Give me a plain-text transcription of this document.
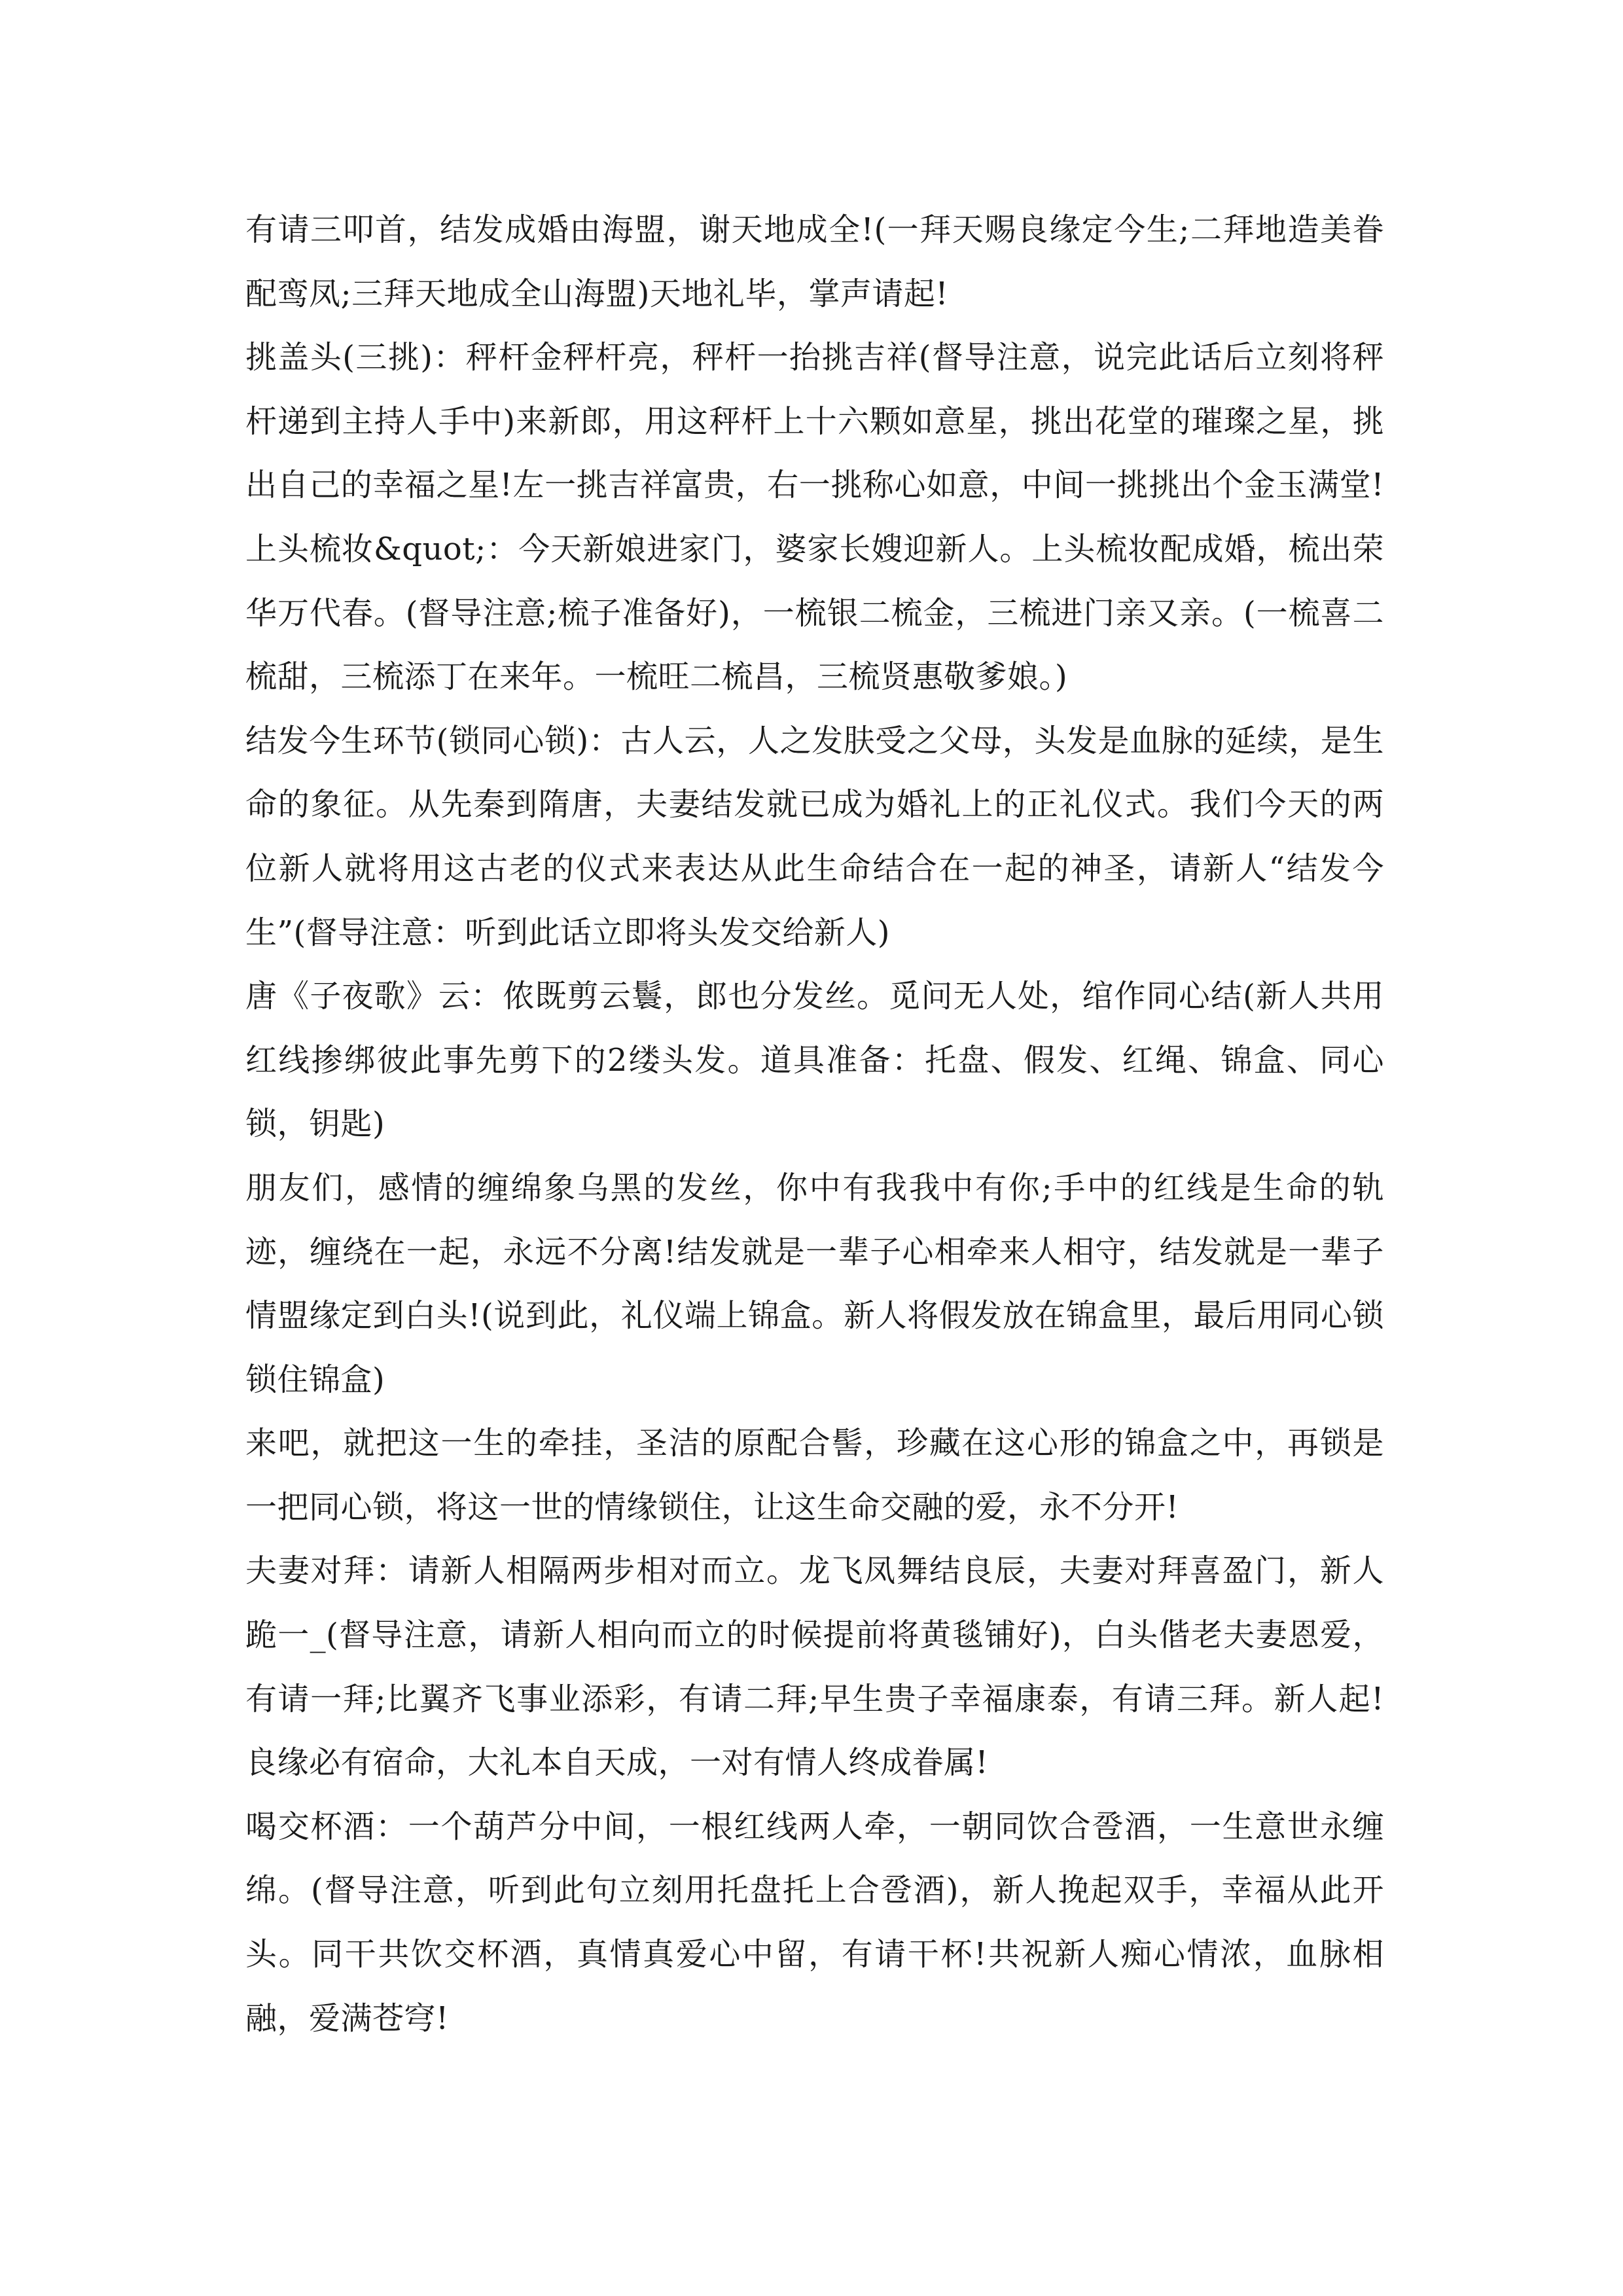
有请三叩首，结发成婚由海盟，谢天地成全!(一拜天赐良缘定今生;二拜地造美眷配鸾凤;三拜天地成全山海盟)天地礼毕，掌声请起!

挑盖头(三挑)：秤杆金秤杆亮，秤杆一抬挑吉祥(督导注意，说完此话后立刻将秤杆递到主持人手中)来新郎，用这秤杆上十六颗如意星，挑出花堂的璀璨之星，挑出自己的幸福之星!左一挑吉祥富贵，右一挑称心如意，中间一挑挑出个金玉满堂!上头梳妆&quot;：今天新娘进家门，婆家长嫂迎新人。上头梳妆配成婚，梳出荣华万代春。(督导注意;梳子准备好)，一梳银二梳金，三梳进门亲又亲。(一梳喜二梳甜，三梳添丁在来年。一梳旺二梳昌，三梳贤惠敬爹娘。)

结发今生环节(锁同心锁)：古人云，人之发肤受之父母，头发是血脉的延续，是生命的象征。从先秦到隋唐，夫妻结发就已成为婚礼上的正礼仪式。我们今天的两位新人就将用这古老的仪式来表达从此生命结合在一起的神圣，请新人“结发今生”(督导注意：听到此话立即将头发交给新人)

唐《子夜歌》云：侬既剪云鬟，郎也分发丝。觅问无人处，绾作同心结(新人共用红线掺绑彼此事先剪下的2缕头发。道具准备：托盘、假发、红绳、锦盒、同心锁，钥匙)

朋友们，感情的缠绵象乌黑的发丝，你中有我我中有你;手中的红线是生命的轨迹，缠绕在一起，永远不分离!结发就是一辈子心相牵来人相守，结发就是一辈子情盟缘定到白头!(说到此，礼仪端上锦盒。新人将假发放在锦盒里，最后用同心锁锁住锦盒)

来吧，就把这一生的牵挂，圣洁的原配合髻，珍藏在这心形的锦盒之中，再锁是一把同心锁，将这一世的情缘锁住，让这生命交融的爱，永不分开!

夫妻对拜：请新人相隔两步相对而立。龙飞凤舞结良辰，夫妻对拜喜盈门，新人跪一_(督导注意，请新人相向而立的时候提前将黄毯铺好)，白头偕老夫妻恩爱，有请一拜;比翼齐飞事业添彩，有请二拜;早生贵子幸福康泰，有请三拜。新人起!良缘必有宿命，大礼本自天成，一对有情人终成眷属!

喝交杯酒：一个葫芦分中间，一根红线两人牵，一朝同饮合卺酒，一生意世永缠绵。(督导注意，听到此句立刻用托盘托上合卺酒)，新人挽起双手，幸福从此开头。同干共饮交杯酒，真情真爱心中留，有请干杯!共祝新人痴心情浓，血脉相融，爱满苍穹!
